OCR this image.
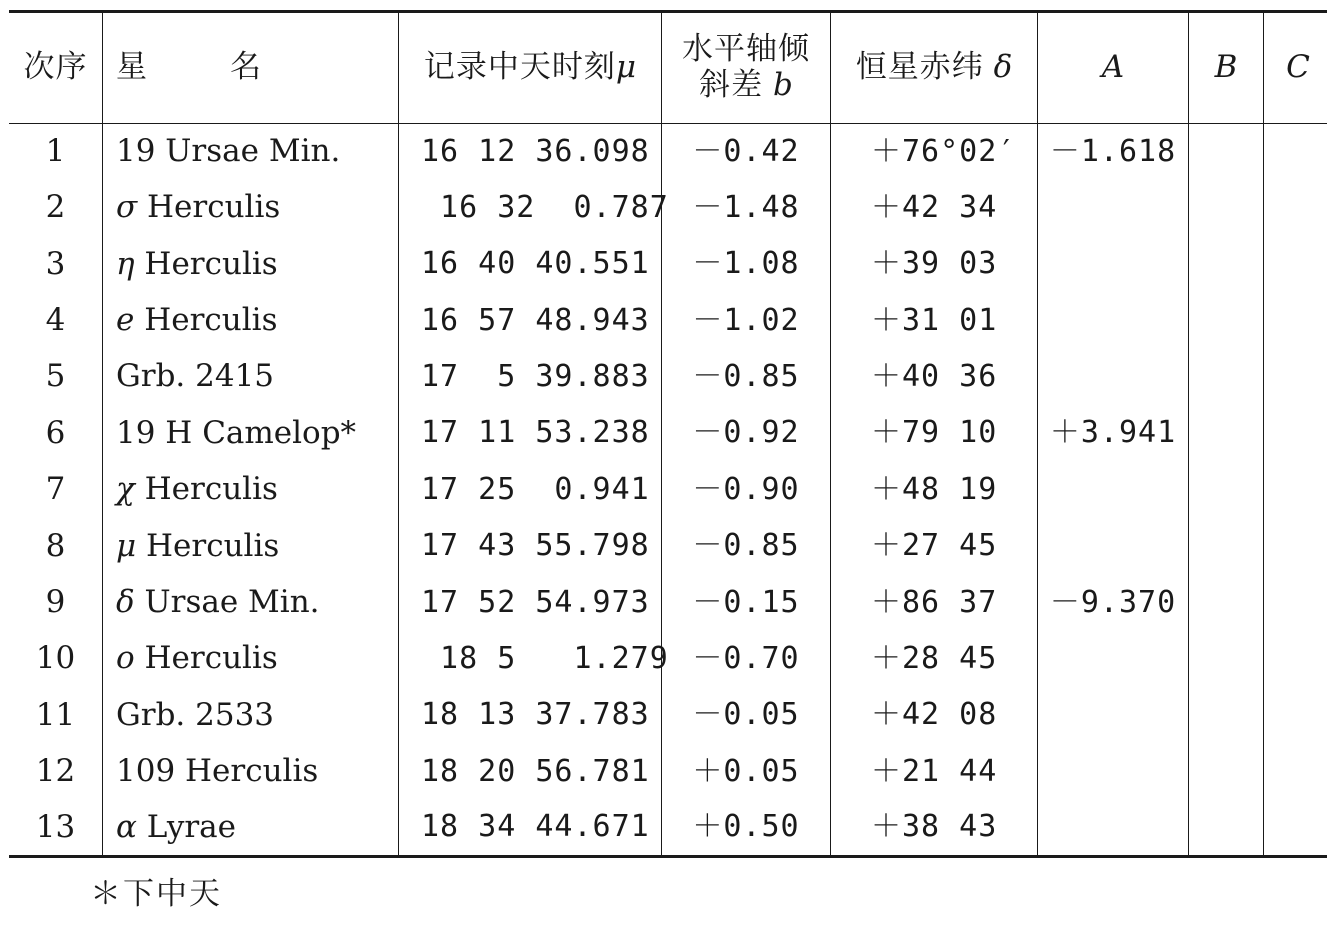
次序	星　名	记录中天时刻μ	水平轴倾
斜差 b	恒星赤纬 δ	A	B	C
1	19 Ursae Min.	16 12 36.098	－0.42	＋76°02′	－1.618		
2	σ Herculis	16 32  0.787	－1.48	＋42 34			
3	η Herculis	16 40 40.551	－1.08	＋39 03			
4	e Herculis	16 57 48.943	－1.02	＋31 01			
5	Grb. 2415	17  5 39.883	－0.85	＋40 36			
6	19 H Camelop*	17 11 53.238	－0.92	＋79 10	＋3.941		
7	χ Herculis	17 25  0.941	－0.90	＋48 19			
8	μ Herculis	17 43 55.798	－0.85	＋27 45			
9	δ Ursae Min.	17 52 54.973	－0.15	＋86 37	－9.370		
10	o Herculis	18 5   1.279	－0.70	＋28 45			
11	Grb. 2533	18 13 37.783	－0.05	＋42 08			
12	109 Herculis	18 20 56.781	＋0.05	＋21 44			
13	α Lyrae	18 34 44.671	＋0.50	＋38 43			
＊下中天
